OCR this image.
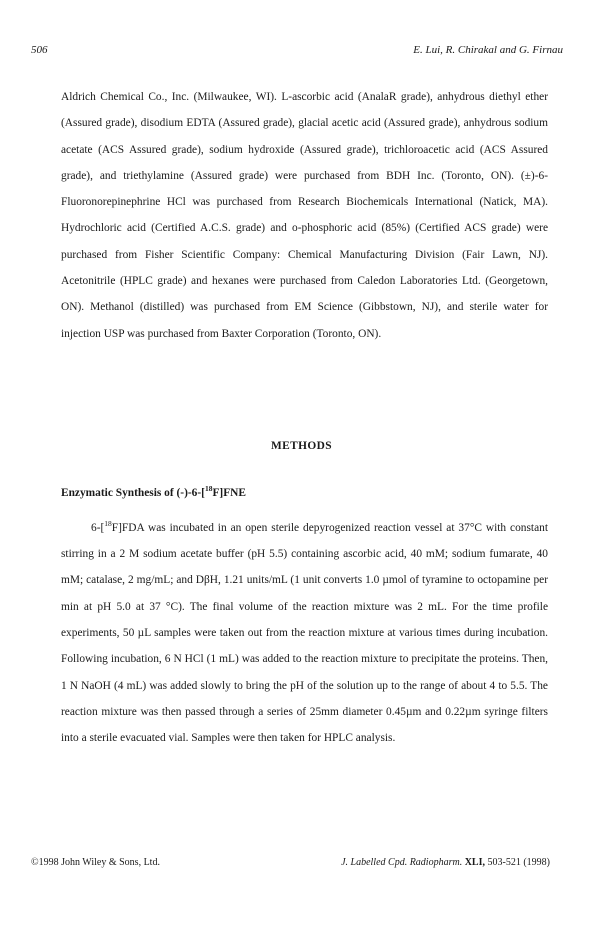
506	E. Lui, R. Chirakal and G. Firnau

Aldrich Chemical Co., Inc. (Milwaukee, WI). L-ascorbic acid (AnalaR grade), anhydrous diethyl ether (Assured grade), disodium EDTA (Assured grade), glacial acetic acid (Assured grade), anhydrous sodium acetate (ACS Assured grade), sodium hydroxide (Assured grade), trichloroacetic acid (ACS Assured grade), and triethylamine (Assured grade) were purchased from BDH Inc. (Toronto, ON). (±)-6-Fluoronorepinephrine HCl was purchased from Research Biochemicals International (Natick, MA). Hydrochloric acid (Certified A.C.S. grade) and o-phosphoric acid (85%) (Certified ACS grade) were purchased from Fisher Scientific Company: Chemical Manufacturing Division (Fair Lawn, NJ). Acetonitrile (HPLC grade) and hexanes were purchased from Caledon Laboratories Ltd. (Georgetown, ON). Methanol (distilled) was purchased from EM Science (Gibbstown, NJ), and sterile water for injection USP was purchased from Baxter Corporation (Toronto, ON).

METHODS
Enzymatic Synthesis of (-)-6-[$^{18}$F]FNE

6-[$^{18}$F]FDA was incubated in an open sterile depyrogenized reaction vessel at 37°C with constant stirring in a 2 M sodium acetate buffer (pH 5.5) containing ascorbic acid, 40 mM; sodium fumarate, 40 mM; catalase, 2 mg/mL; and DβH, 1.21 units/mL (1 unit converts 1.0 µmol of tyramine to octopamine per min at pH 5.0 at 37 °C). The final volume of the reaction mixture was 2 mL. For the time profile experiments, 50 µL samples were taken out from the reaction mixture at various times during incubation. Following incubation, 6 N HCl (1 mL) was added to the reaction mixture to precipitate the proteins. Then, 1 N NaOH (4 mL) was added slowly to bring the pH of the solution up to the range of about 4 to 5.5. The reaction mixture was then passed through a series of 25mm diameter 0.45µm and 0.22µm syringe filters into a sterile evacuated vial. Samples were then taken for HPLC analysis.

©1998 John Wiley & Sons, Ltd.	J. Labelled Cpd. Radiopharm. XLI, 503-521 (1998)
